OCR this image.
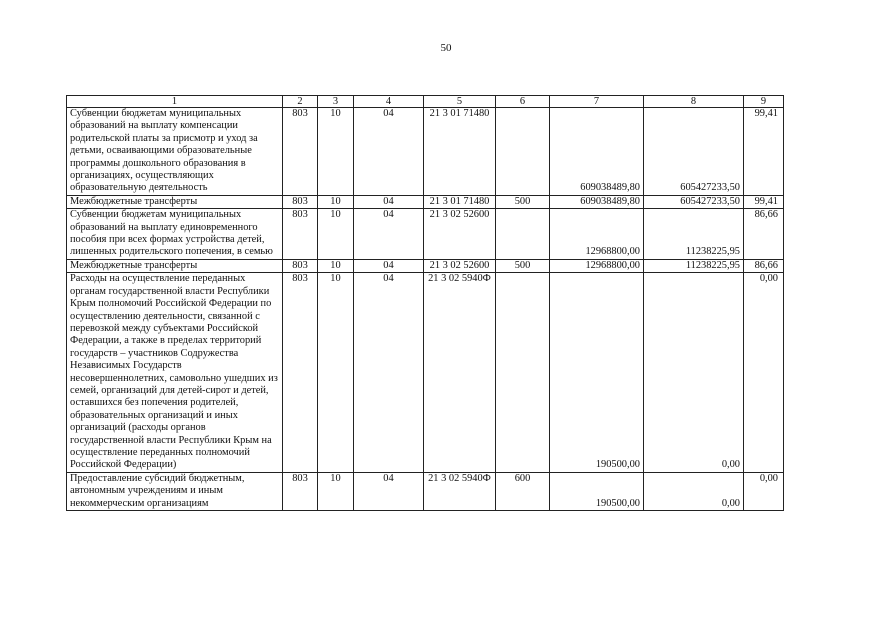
50
1	2	3	4	5	6	7	8	9
Субвенции бюджетам муниципальных образований на выплату компенсации родительской платы за присмотр и уход за детьми, осваивающими образовательные программы дошкольного образования в организациях, осуществляющих образовательную деятельность	803	10	04	21 3 01 71480		609038489,80	605427233,50	99,41
Межбюджетные трансферты	803	10	04	21 3 01 71480	500	609038489,80	605427233,50	99,41
Субвенции бюджетам муниципальных образований на выплату единовременного пособия при всех формах устройства детей, лишенных родительского попечения, в семью	803	10	04	21 3 02 52600		12968800,00	11238225,95	86,66
Межбюджетные трансферты	803	10	04	21 3 02 52600	500	12968800,00	11238225,95	86,66
Расходы на осуществление переданных органам государственной власти Республики Крым полномочий Российской Федерации по осуществлению деятельности, связанной с перевозкой между субъектами Российской Федерации, а также в пределах территорий государств – участников Содружества Независимых Государств несовершеннолетних, самовольно ушедших из семей, организаций для детей-сирот и детей, оставшихся без попечения родителей, образовательных организаций и иных организаций (расходы органов государственной власти Республики Крым на осуществление переданных полномочий Российской Федерации)	803	10	04	21 3 02 5940Ф		190500,00	0,00	0,00
Предоставление субсидий бюджетным, автономным учреждениям и иным некоммерческим организациям	803	10	04	21 3 02 5940Ф	600	190500,00	0,00	0,00
